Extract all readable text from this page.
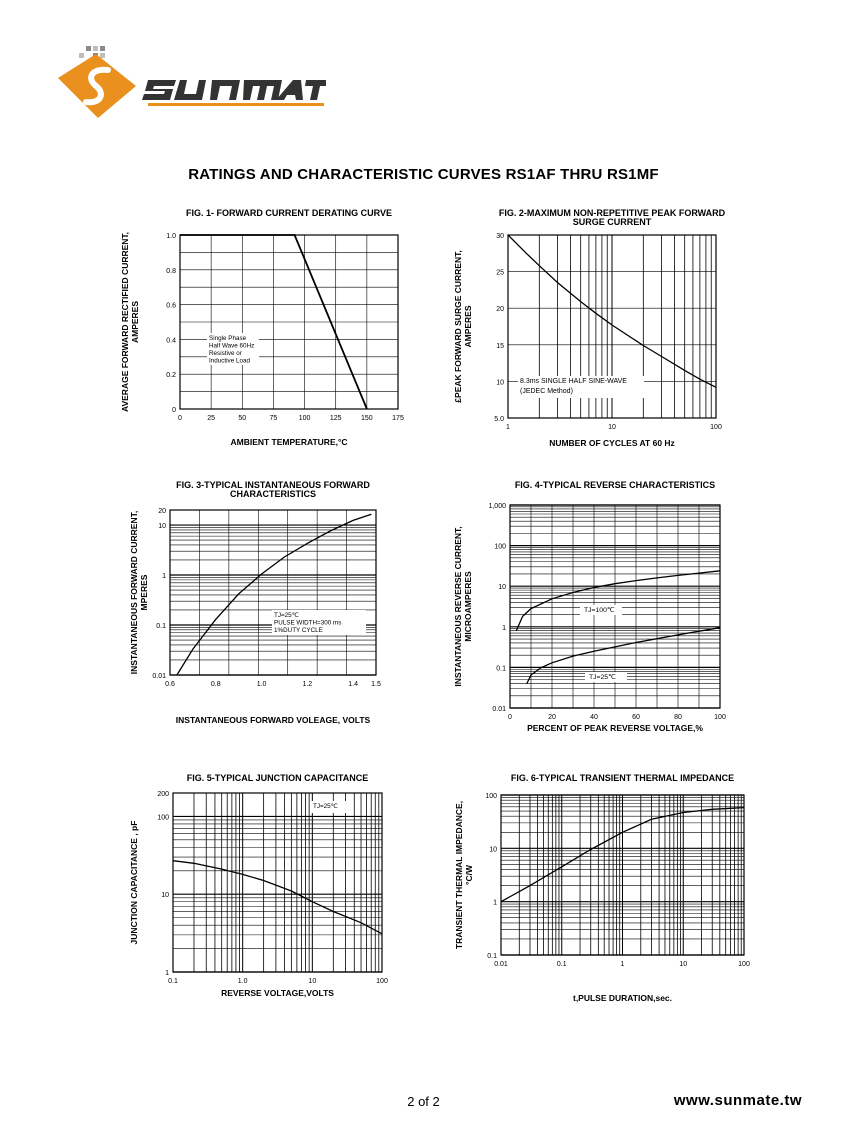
RATINGS AND CHARACTERISTIC CURVES RS1AF THRU RS1MF
FIG. 1- FORWARD CURRENT DERATING CURVE
0	25	50	75	100	125	150	175
0
0.2
0.4
0.6
0.8
1.0
AMBIENT TEMPERATURE,°C
AVERAGE FORWARD RECTIFIED CURRENT,AMPERES	Single Phase
Half Wave 60Hz
Resistive or
Inductive Load
FIG. 2-MAXIMUM NON-REPETITIVE PEAK FORWARD SURGE CURRENT
1	10	100
5.0
10
15
20
25
30
NUMBER OF CYCLES AT 60 Hz
£PEAK FORWARD SURGE CURRENT,AMPERES
8.3ms SINGLE HALF SINE-WAVE
(JEDEC Method)
FIG. 3-TYPICAL INSTANTANEOUS FORWARD CHARACTERISTICS
0.6	0.8	1.0	1.2	1.4 1.5
0.01
0.1
1
10
20
INSTANTANEOUS FORWARD VOLEAGE, VOLTS
INSTANTANEOUS FORWARD CURRENT,MPERES
TJ=25℃
PULSE WIDTH=300 ms
1%DUTY CYCLE
FIG. 4-TYPICAL REVERSE CHARACTERISTICS
0	20	40	60	80	100
0.01
0.1
1
10
100
1,000
PERCENT OF PEAK REVERSE VOLTAGE,%
INSTANTANEOUS REVERSE CURRENT,MICROAMPERES	TJ=100℃
TJ=25℃
FIG. 5-TYPICAL JUNCTION CAPACITANCE
0.1	1.0	10	100
1
10
100
200
REVERSE VOLTAGE,VOLTS
JUNCTION CAPACITANCE , pF
TJ=25℃
FIG. 6-TYPICAL TRANSIENT THERMAL IMPEDANCE
0.01	0.1	1	10	100
0.1
1
10
100
t,PULSE DURATION,sec.
TRANSIENT THERMAL IMPEDANCE,°C/W
2 of 2	www.sunmate.tw
